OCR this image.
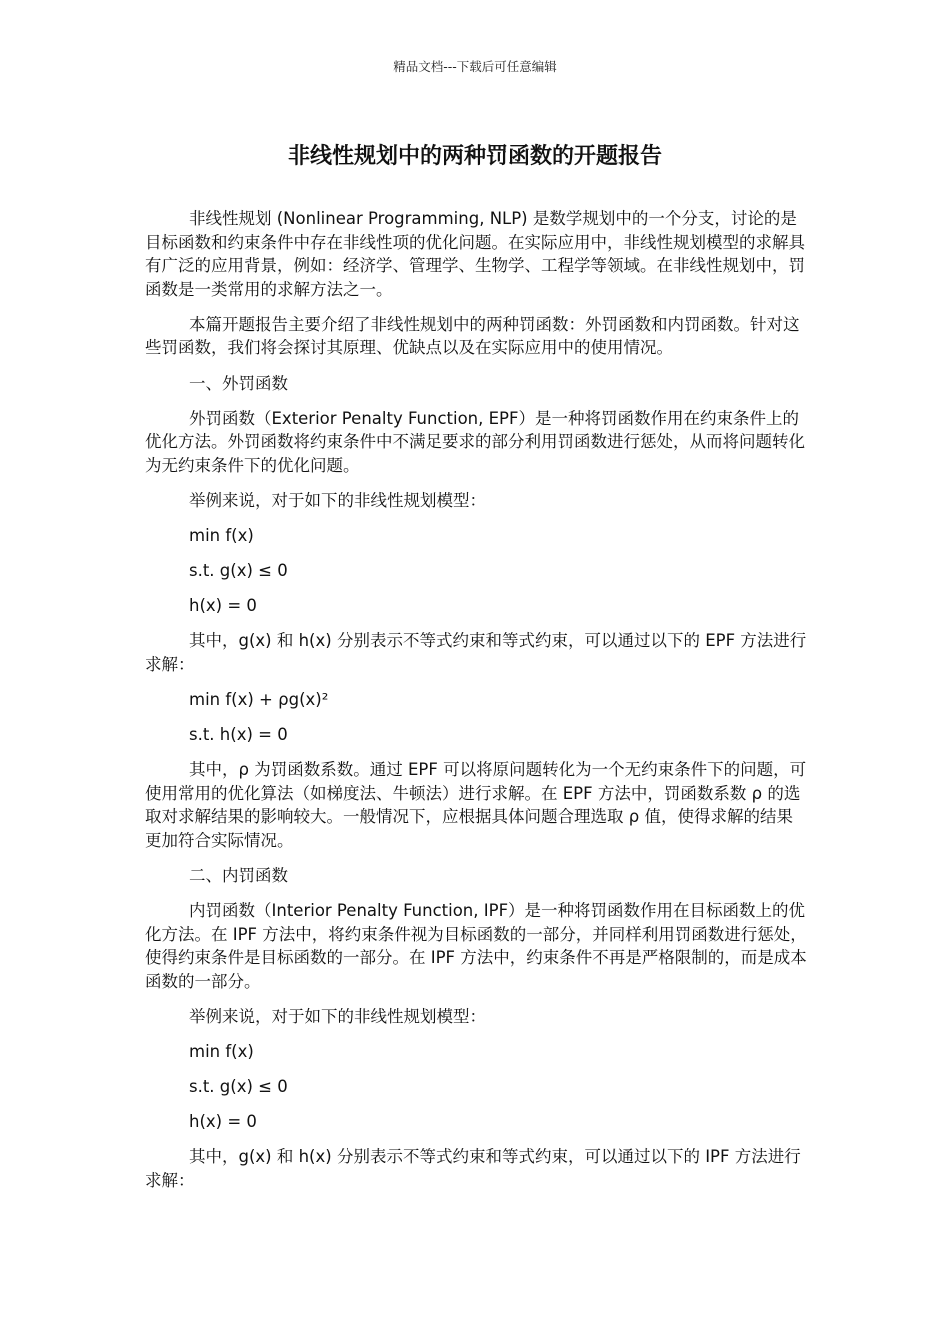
精品文档---下载后可任意编辑
非线性规划中的两种罚函数的开题报告

非线性规划 (Nonlinear Programming, NLP) 是数学规划中的一个分支，讨论的是目标函数和约束条件中存在非线性项的优化问题。在实际应用中，非线性规划模型的求解具有广泛的应用背景，例如：经济学、管理学、生物学、工程学等领域。在非线性规划中，罚函数是一类常用的求解方法之一。

本篇开题报告主要介绍了非线性规划中的两种罚函数：外罚函数和内罚函数。针对这些罚函数，我们将会探讨其原理、优缺点以及在实际应用中的使用情况。

一、外罚函数

外罚函数（Exterior Penalty Function, EPF）是一种将罚函数作用在约束条件上的优化方法。外罚函数将约束条件中不满足要求的部分利用罚函数进行惩处，从而将问题转化为无约束条件下的优化问题。

举例来说，对于如下的非线性规划模型：

min f(x)

s.t. g(x) ≤ 0

h(x) = 0

其中，g(x) 和 h(x) 分别表示不等式约束和等式约束，可以通过以下的 EPF 方法进行求解：

min f(x) + ρg(x)²

s.t. h(x) = 0

其中，ρ 为罚函数系数。通过 EPF 可以将原问题转化为一个无约束条件下的问题，可使用常用的优化算法（如梯度法、牛顿法）进行求解。在 EPF 方法中，罚函数系数 ρ 的选取对求解结果的影响较大。一般情况下，应根据具体问题合理选取 ρ 值，使得求解的结果更加符合实际情况。

二、内罚函数

内罚函数（Interior Penalty Function, IPF）是一种将罚函数作用在目标函数上的优化方法。在 IPF 方法中，将约束条件视为目标函数的一部分，并同样利用罚函数进行惩处，使得约束条件是目标函数的一部分。在 IPF 方法中，约束条件不再是严格限制的，而是成本函数的一部分。

举例来说，对于如下的非线性规划模型：

min f(x)

s.t. g(x) ≤ 0

h(x) = 0

其中，g(x) 和 h(x) 分别表示不等式约束和等式约束，可以通过以下的 IPF 方法进行求解：
